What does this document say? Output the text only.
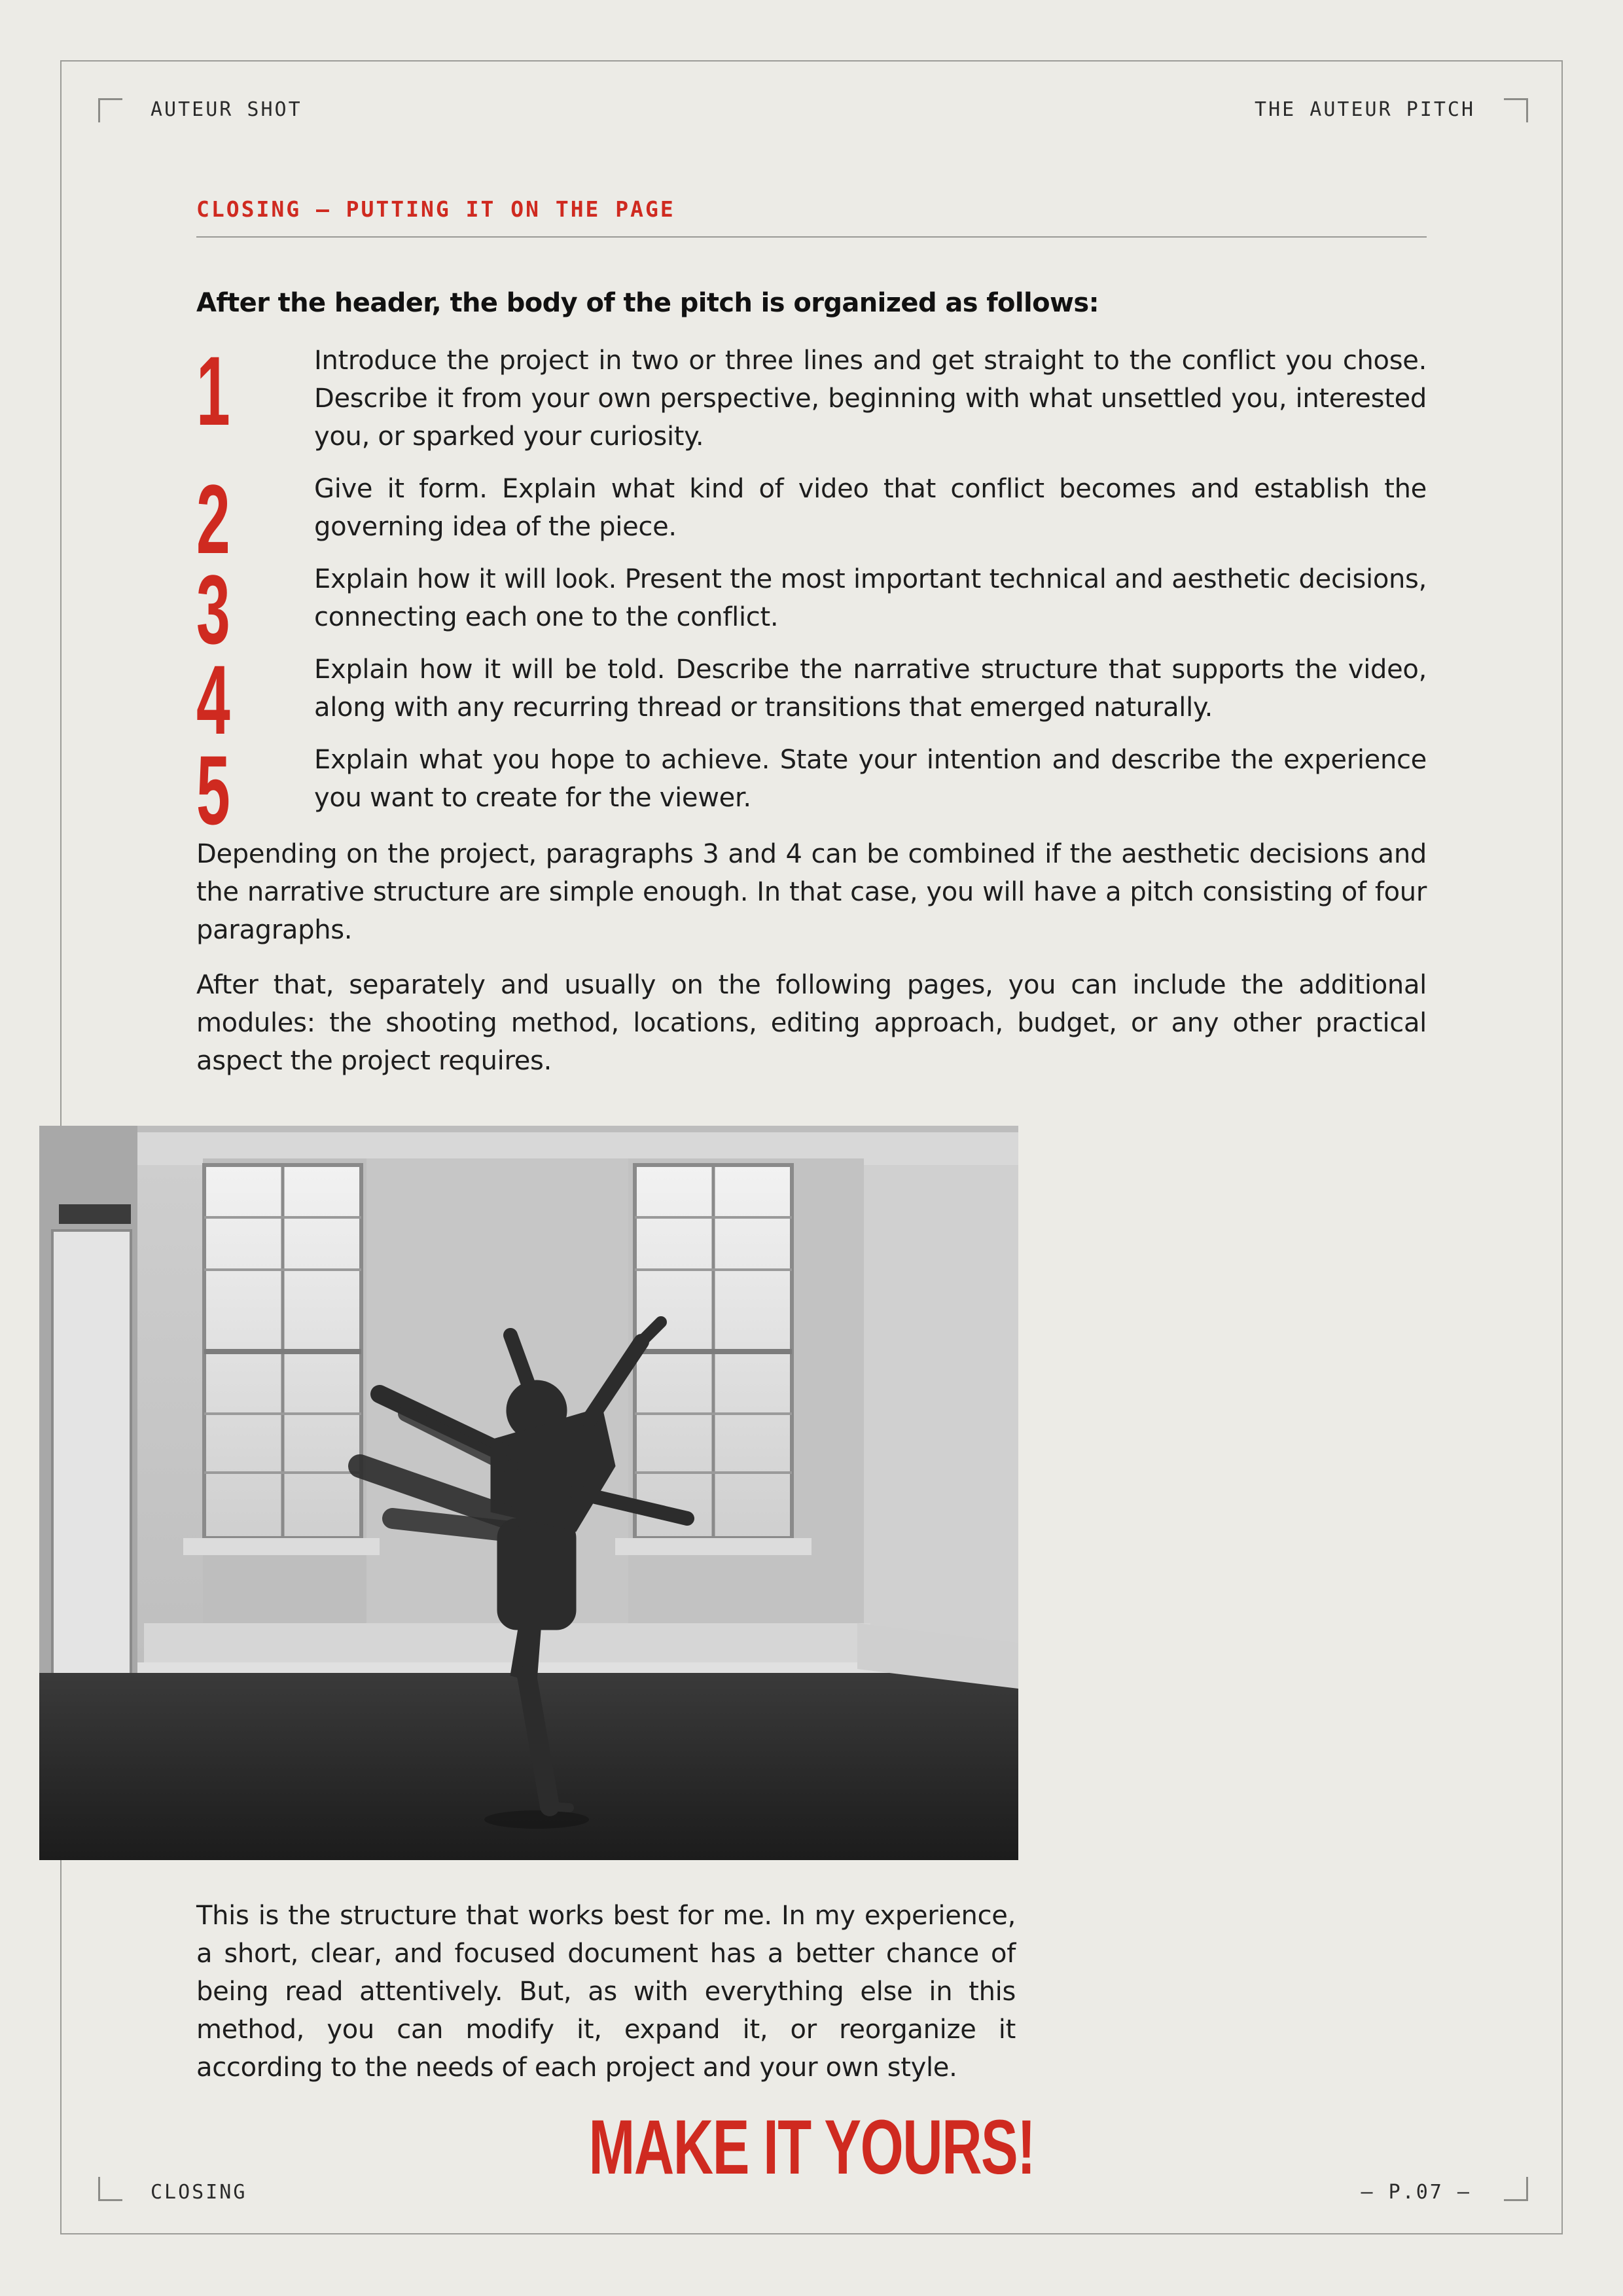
AUTEUR SHOT	THE AUTEUR PITCH
CLOSING — PUTTING IT ON THE PAGE
After the header, the body of the pitch is organized as follows:
1	Introduce the project in two or three lines and get straight to the conflict you chose. Describe it from your own perspective, beginning with what unsettled you, interested you, or sparked your curiosity.
2	Give it form. Explain what kind of video that conflict becomes and establish the governing idea of the piece.
3	Explain how it will look. Present the most important technical and aesthetic decisions, connecting each one to the conflict.
4	Explain how it will be told. Describe the narrative structure that supports the video, along with any recurring thread or transitions that emerged naturally.
5	Explain what you hope to achieve. State your intention and describe the experience you want to create for the viewer.
Depending on the project, paragraphs 3 and 4 can be combined if the aesthetic decisions and the narrative structure are simple enough. In that case, you will have a pitch consisting of four paragraphs.
After that, separately and usually on the following pages, you can include the additional modules: the shooting method, locations, editing approach, budget, or any other practical aspect the project requires.
This is the structure that works best for me. In my experience, a short, clear, and focused document has a better chance of being read attentively. But, as with everything else in this method, you can modify it, expand it, or reorganize it according to the needs of each project and your own style.
MAKE IT YOURS!
CLOSING	— P.07 —
